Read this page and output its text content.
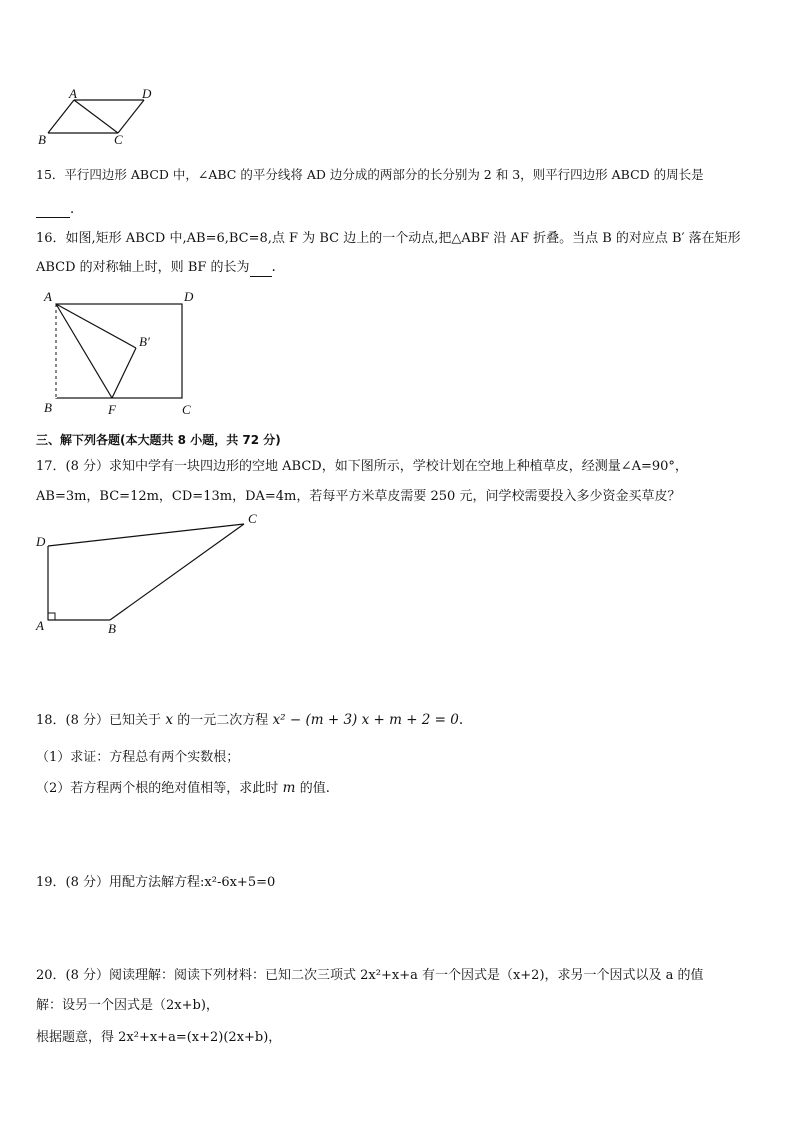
A	D
B	C
15．平行四边形 ABCD 中，∠ABC 的平分线将 AD 边分成的两部分的长分别为 2 和 3，则平行四边形 ABCD 的周长是
．
16．如图,矩形 ABCD 中,AB=6,BC=8,点 F 为 BC 边上的一个动点,把△ABF 沿 AF 折叠。当点 B 的对应点 B′ 落在矩形
ABCD 的对称轴上时，则 BF 的长为 .
A	D
B′
B	F	C
三、解下列各题(本大题共 8 小题，共 72 分)
17．(8 分）求知中学有一块四边形的空地 ABCD，如下图所示，学校计划在空地上种植草皮，经测量∠A=90°，
AB=3m，BC=12m，CD=13m，DA=4m，若每平方米草皮需要 250 元，问学校需要投入多少资金买草皮？
C
D
A	B
18．(8 分）已知关于 x 的一元二次方程 x² − (m + 3) x + m + 2 = 0.
（1）求证：方程总有两个实数根；
（2）若方程两个根的绝对值相等，求此时 m 的值.
19．(8 分）用配方法解方程:x²-6x+5=0
20．(8 分）阅读理解：阅读下列材料：已知二次三项式 2x²+x+a 有一个因式是（x+2)，求另一个因式以及 a 的值
解：设另一个因式是（2x+b)，
根据题意，得 2x²+x+a=(x+2)(2x+b)，
